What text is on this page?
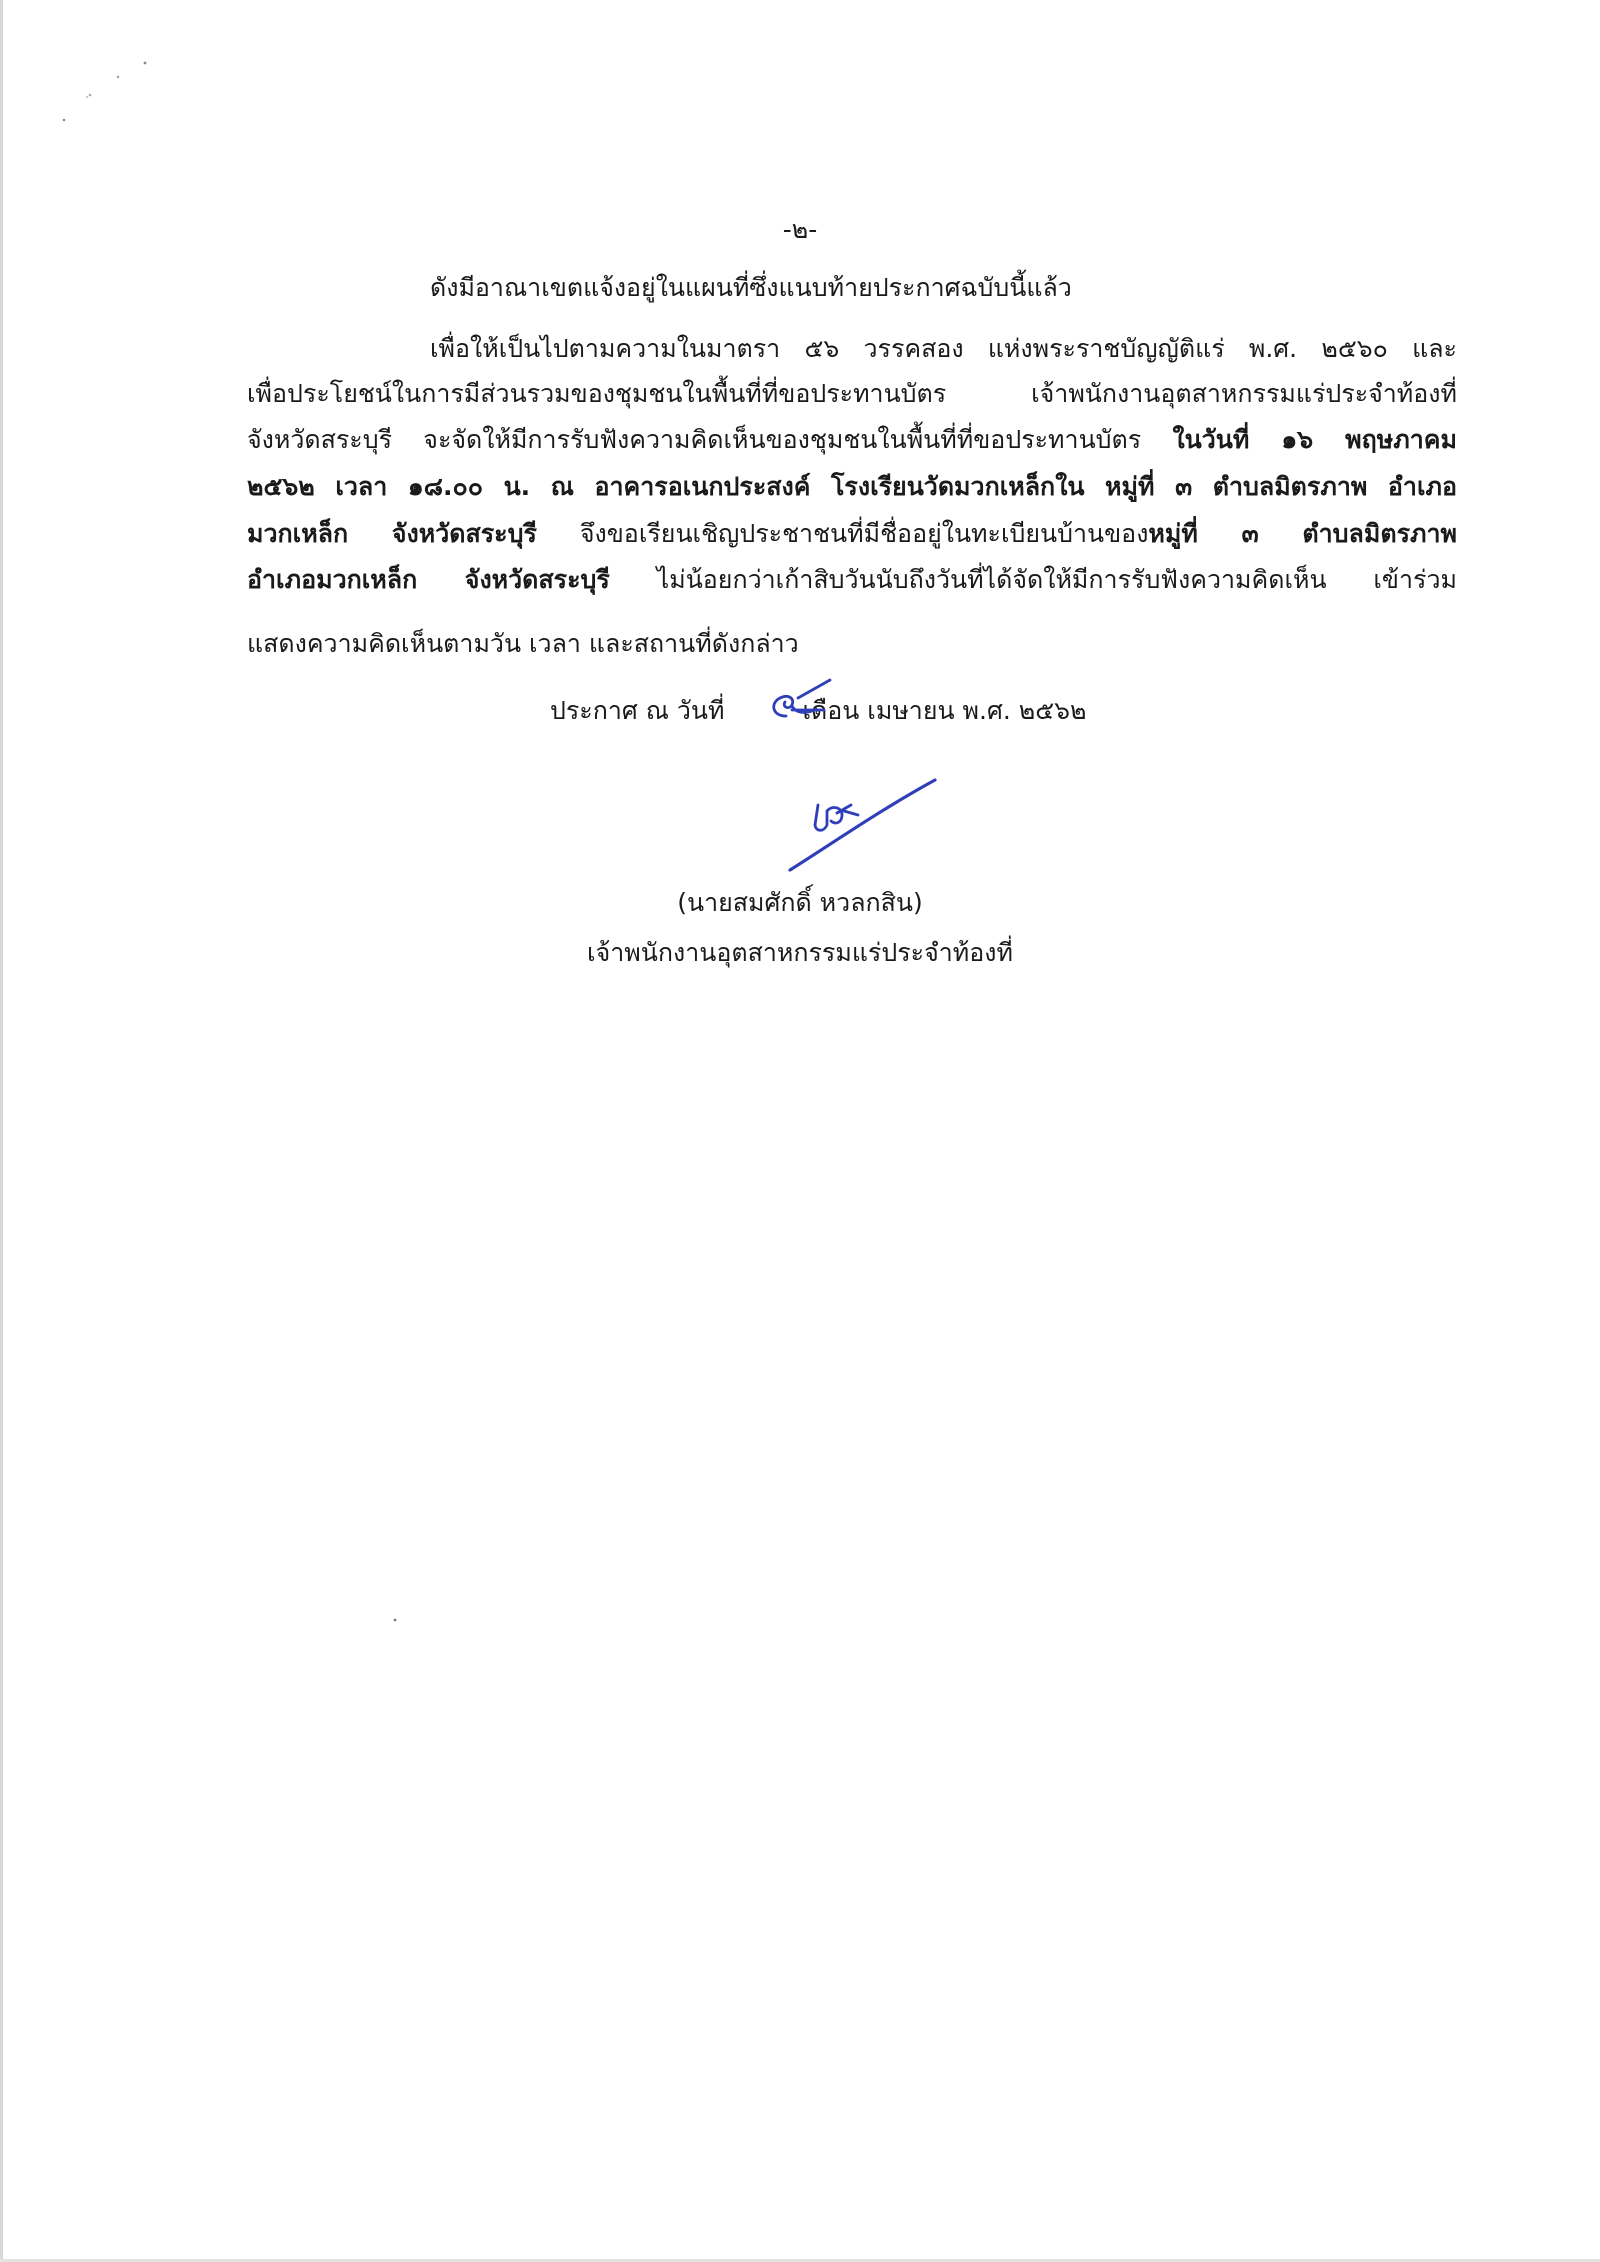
-๒-

ดังมีอาณาเขตแจ้งอยู่ในแผนที่ซึ่งแนบท้ายประกาศฉบับนี้แล้ว

เพื่อให้เป็นไปตามความในมาตรา ๕๖ วรรคสอง แห่งพระราชบัญญัติแร่ พ.ศ. ๒๕๖๐ และ

เพื่อประโยชน์ในการมีส่วนรวมของชุมชนในพื้นที่ที่ขอประทานบัตร เจ้าพนักงานอุตสาหกรรมแร่ประจำท้องที่

จังหวัดสระบุรี จะจัดให้มีการรับฟังความคิดเห็นของชุมชนในพื้นที่ที่ขอประทานบัตร ในวันที่ ๑๖ พฤษภาคม

๒๕๖๒ เวลา ๑๘.๐๐ น. ณ อาคารอเนกประสงค์ โรงเรียนวัดมวกเหล็กใน หมู่ที่ ๓ ตำบลมิตรภาพ อำเภอ

มวกเหล็ก จังหวัดสระบุรี จึงขอเรียนเชิญประชาชนที่มีชื่ออยู่ในทะเบียนบ้านของหมู่ที่ ๓ ตำบลมิตรภาพ

อำเภอมวกเหล็ก จังหวัดสระบุรี ไม่น้อยกว่าเก้าสิบวันนับถึงวันที่ได้จัดให้มีการรับฟังความคิดเห็น เข้าร่วม

แสดงความคิดเห็นตามวัน เวลา และสถานที่ดังกล่าว

ประกาศ ณ วันที่	เดือน เมษายน พ.ศ. ๒๕๖๒

(นายสมศักดิ์ หวลกสิน)

เจ้าพนักงานอุตสาหกรรมแร่ประจำท้องที่
